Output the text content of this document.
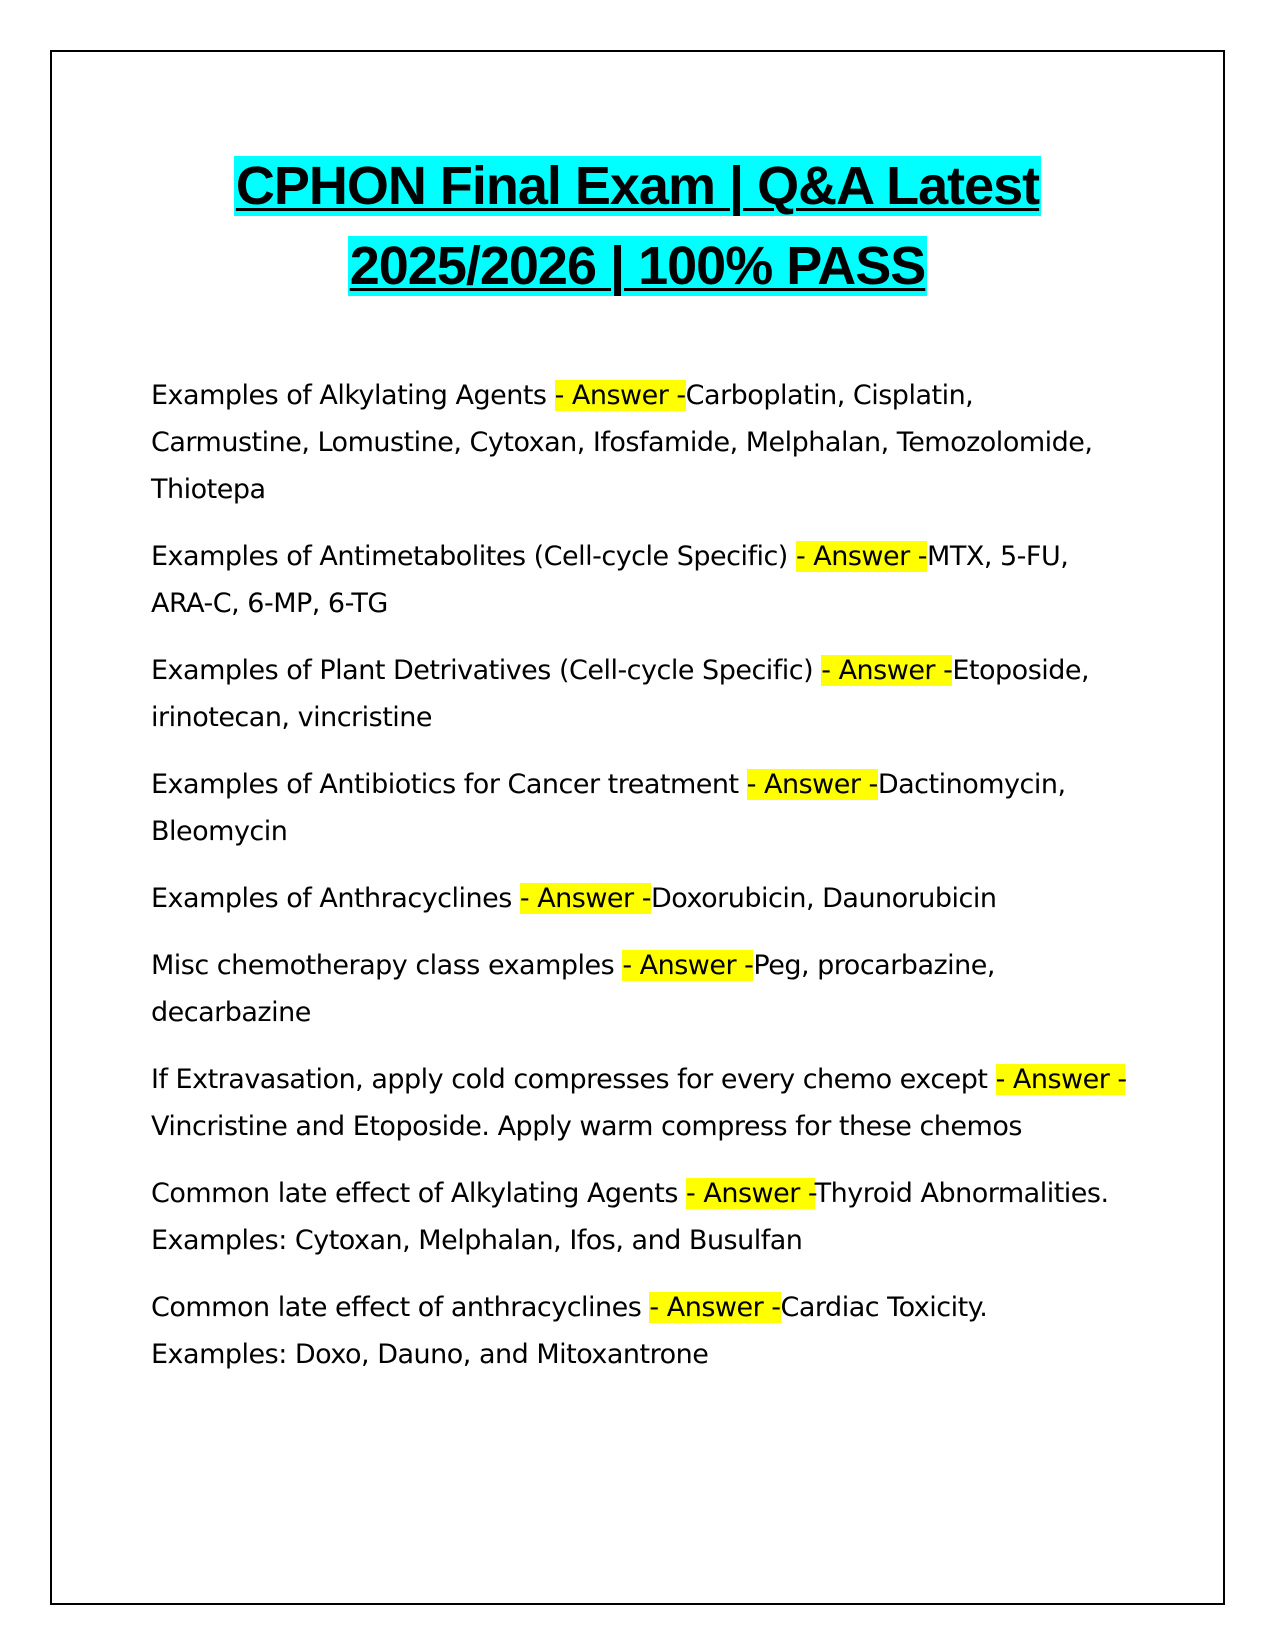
CPHON Final Exam | Q&A Latest
2025/2026 | 100% PASS

Examples of Alkylating Agents - Answer -Carboplatin, Cisplatin, Carmustine, Lomustine, Cytoxan, Ifosfamide, Melphalan, Temozolomide, Thiotepa

Examples of Antimetabolites (Cell-cycle Specific) - Answer -MTX, 5-FU, ARA-C, 6-MP, 6-TG

Examples of Plant Detrivatives (Cell-cycle Specific) - Answer -Etoposide, irinotecan, vincristine

Examples of Antibiotics for Cancer treatment - Answer -Dactinomycin, Bleomycin

Examples of Anthracyclines - Answer -Doxorubicin, Daunorubicin

Misc chemotherapy class examples - Answer -Peg, procarbazine, decarbazine

If Extravasation, apply cold compresses for every chemo except - Answer -Vincristine and Etoposide. Apply warm compress for these chemos

Common late effect of Alkylating Agents - Answer -Thyroid Abnormalities. Examples: Cytoxan, Melphalan, Ifos, and Busulfan

Common late effect of anthracyclines - Answer -Cardiac Toxicity. Examples: Doxo, Dauno, and Mitoxantrone
